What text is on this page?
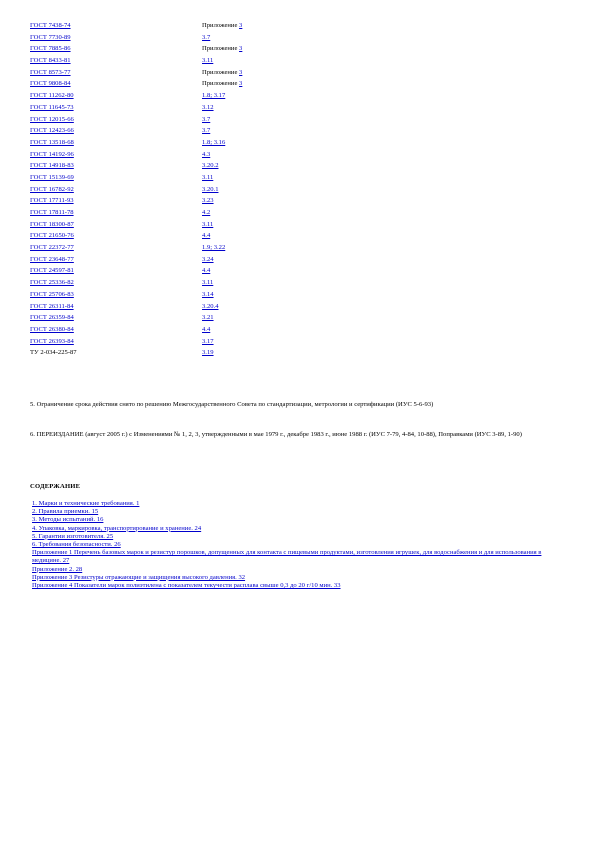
ГОСТ 7438-74	Приложение 3
ГОСТ 7730-89	3.7
ГОСТ 7885-86	Приложение 3
ГОСТ 8433-81	3.11
ГОСТ 8573-77	Приложение 3
ГОСТ 9808-84	Приложение 3
ГОСТ 11262-80	1.8; 3.17
ГОСТ 11645-73	3.12
ГОСТ 12015-66	3.7
ГОСТ 12423-66	3.7
ГОСТ 13518-68	1.8; 3.16
ГОСТ 14192-96	4.3
ГОСТ 14918-83	3.20.2
ГОСТ 15139-69	3.11
ГОСТ 16782-92	3.20.1
ГОСТ 17711-93	3.23
ГОСТ 17811-78	4.2
ГОСТ 18300-87	3.11
ГОСТ 21650-76	4.4
ГОСТ 22372-77	1.9; 3.22
ГОСТ 23648-77	3.24
ГОСТ 24597-81	4.4
ГОСТ 25336-82	3.11
ГОСТ 25706-83	3.14
ГОСТ 26311-84	3.20.4
ГОСТ 26359-84	3.21
ГОСТ 26380-84	4.4
ГОСТ 26393-84	3.17
ТУ 2-034-225-87	3.19
5. Ограничение срока действия снято по решению Межгосударственного Совета по стандартизации, метрологии и сертификации (ИУС 5-6-93)
6. ПЕРЕИЗДАНИЕ (август 2005 г.) с Изменениями № 1, 2, 3, утвержденными в мае 1979 г., декабре 1983 г., июне 1988 г. (ИУС 7-79, 4-84, 10-88), Поправками (ИУС 3-89, 1-90)
СОДЕРЖАНИЕ
1. Марки и технические требования. 1
2. Правила приемки. 15
3. Методы испытаний. 16
4. Упаковка, маркировка, транспортирование и хранение. 24
5. Гарантии изготовителя. 25
6. Требования безопасности. 26
Приложение 1 Перечень базовых марок и резистур порошков, допущенных для контакта с пищевыми продуктами, изготовления игрушек, для водоснабжения и для использования в медицине. 27
Приложение 2. 28
Приложение 3 Резистуры отражающие и защищения высокого давления. 32
Приложение 4 Показатели марок полиэтилена с показателем текучести расплава свыше 0,3 до 20 г/10 мин. 33
